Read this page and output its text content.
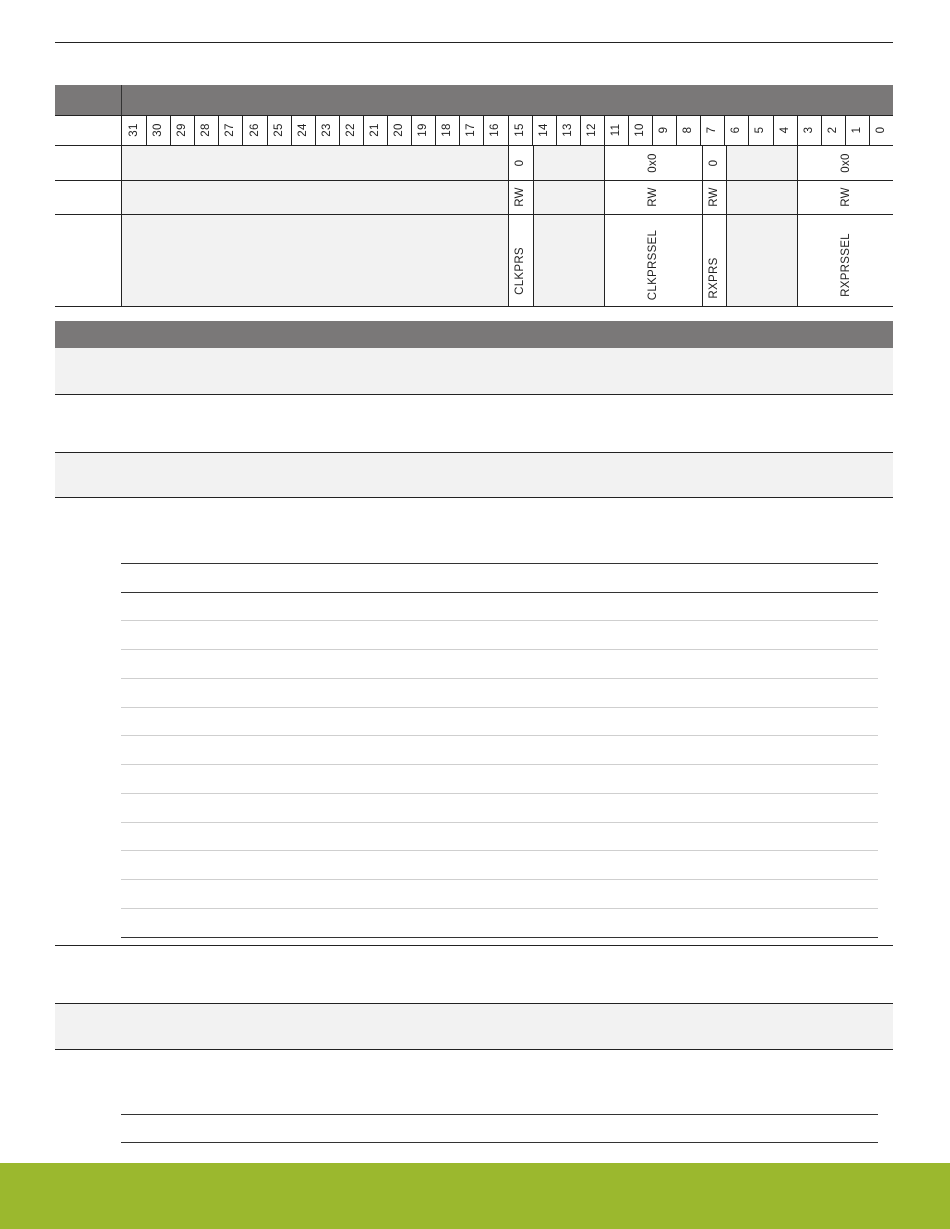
31 30 29 28 27 26 25 24 23 22 21 20 19 18 17 16 15 14 13 12 11 10 9 8 7 6 5 4 3 2 1 0
0	0x0	0	0x0
RW	RW	RW	RW
CLKPRS	CLKPRSSEL	RXPRS	RXPRSSEL
